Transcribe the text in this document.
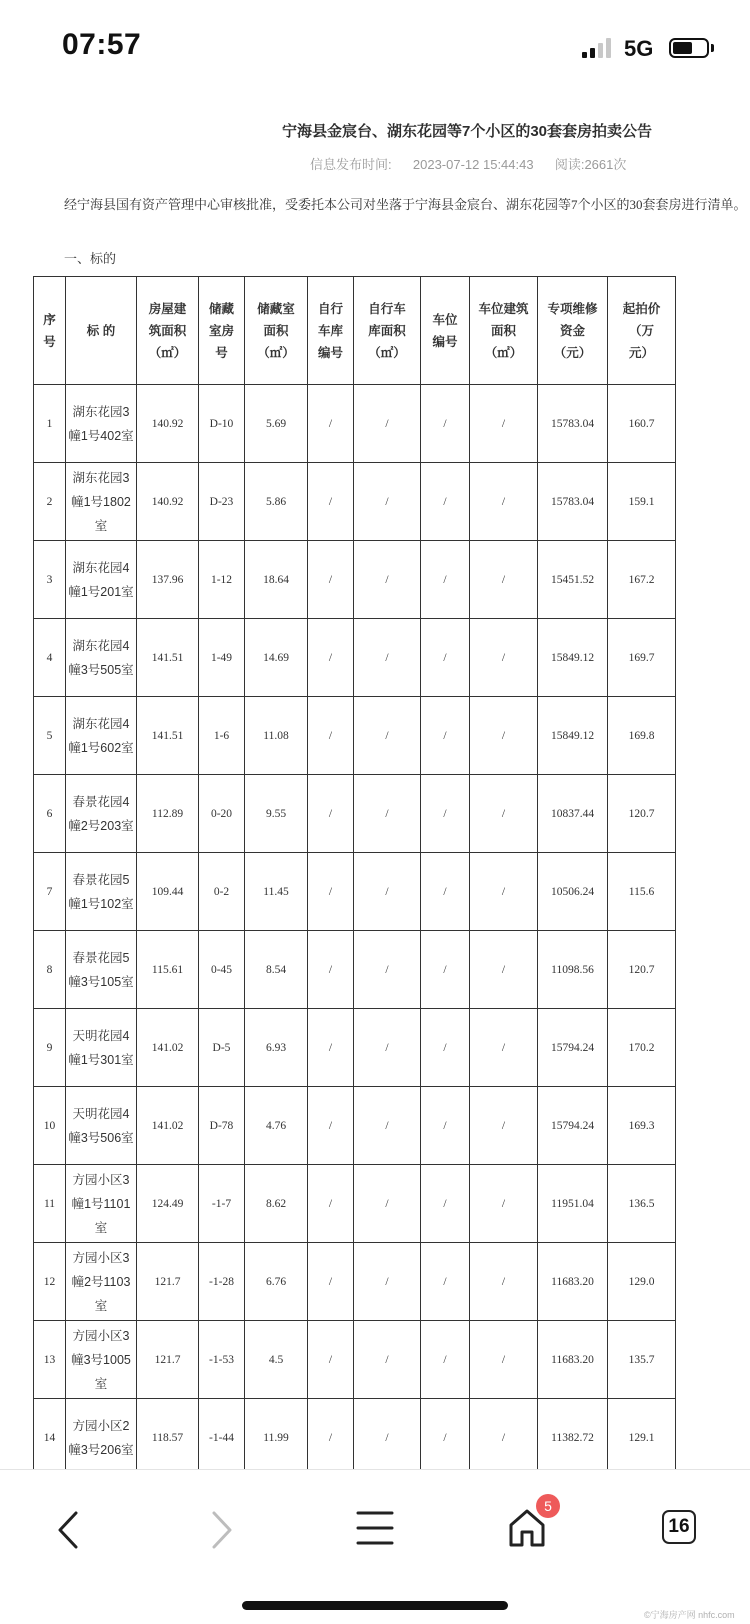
07:57	5G
宁海县金宸台、湖东花园等7个小区的30套套房拍卖公告
信息发布时间: 2023-07-12 15:44:43 阅读:2661次
经宁海县国有资产管理中心审核批准，受委托本公司对坐落于宁海县金宸台、湖东花园等7个小区的30套套房进行清单。
一、标的
序号	标 的	房屋建筑面积（㎡）	储藏室房号	储藏室面积（㎡）	自行车库编号	自行车库面积（㎡）	车位编号	车位建筑面积（㎡）	专项维修资金（元）	起拍价（万元）
1	湖东花园3幢1号402室	140.92	D-10	5.69	/	/	/	/	15783.04	160.7
2	湖东花园3幢1号1802室	140.92	D-23	5.86	/	/	/	/	15783.04	159.1
3	湖东花园4幢1号201室	137.96	1-12	18.64	/	/	/	/	15451.52	167.2
4	湖东花园4幢3号505室	141.51	1-49	14.69	/	/	/	/	15849.12	169.7
5	湖东花园4幢1号602室	141.51	1-6	11.08	/	/	/	/	15849.12	169.8
6	春景花园4幢2号203室	112.89	0-20	9.55	/	/	/	/	10837.44	120.7
7	春景花园5幢1号102室	109.44	0-2	11.45	/	/	/	/	10506.24	115.6
8	春景花园5幢3号105室	115.61	0-45	8.54	/	/	/	/	11098.56	120.7
9	天明花园4幢1号301室	141.02	D-5	6.93	/	/	/	/	15794.24	170.2
10	天明花园4幢3号506室	141.02	D-78	4.76	/	/	/	/	15794.24	169.3
11	方园小区3幢1号1101室	124.49	-1-7	8.62	/	/	/	/	11951.04	136.5
12	方园小区3幢2号1103室	121.7	-1-28	6.76	/	/	/	/	11683.20	129.0
13	方园小区3幢3号1005室	121.7	-1-53	4.5	/	/	/	/	11683.20	135.7
14	方园小区2幢3号206室	118.57	-1-44	11.99	/	/	/	/	11382.72	129.1
5
16
©宁海房产网 nhfc.com
